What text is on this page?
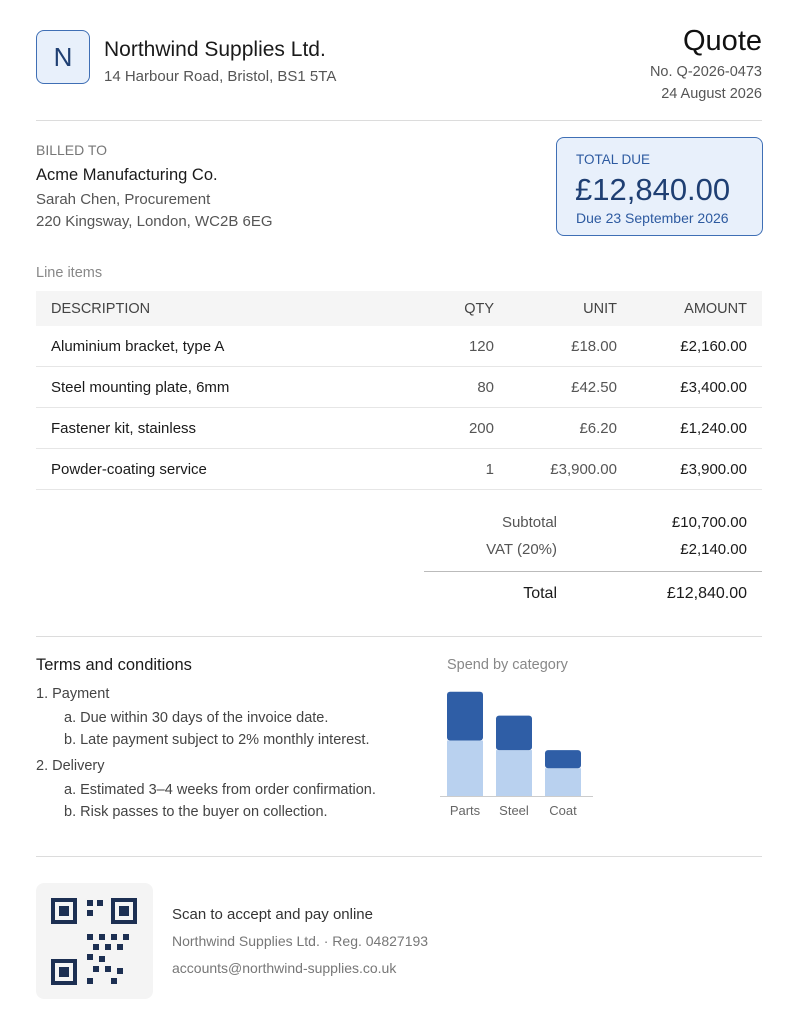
N	Northwind Supplies Ltd.
14 Harbour Road, Bristol, BS1 5TA
Quote
No. Q-2026-0473
24 August 2026
BILLED TO
Acme Manufacturing Co.
Sarah Chen, Procurement
220 Kingsway, London, WC2B 6EG
TOTAL DUE
£12,840.00
Due 23 September 2026
Line items
DESCRIPTION	QTY	UNIT	AMOUNT
Aluminium bracket, type A	120	£18.00	£2,160.00
Steel mounting plate, 6mm	80	£42.50	£3,400.00
Fastener kit, stainless	200	£6.20	£1,240.00
Powder-coating service	1	£3,900.00	£3,900.00
Subtotal	£10,700.00
VAT (20%)	£2,140.00
Total	£12,840.00
Terms and conditions
1. Payment
a. Due within 30 days of the invoice date.
b. Late payment subject to 2% monthly interest.
2. Delivery
a. Estimated 3–4 weeks from order confirmation.
b. Risk passes to the buyer on collection.
Spend by category
Parts Steel Coat
Scan to accept and pay online
Northwind Supplies Ltd. · Reg. 04827193
accounts@northwind-supplies.co.uk
